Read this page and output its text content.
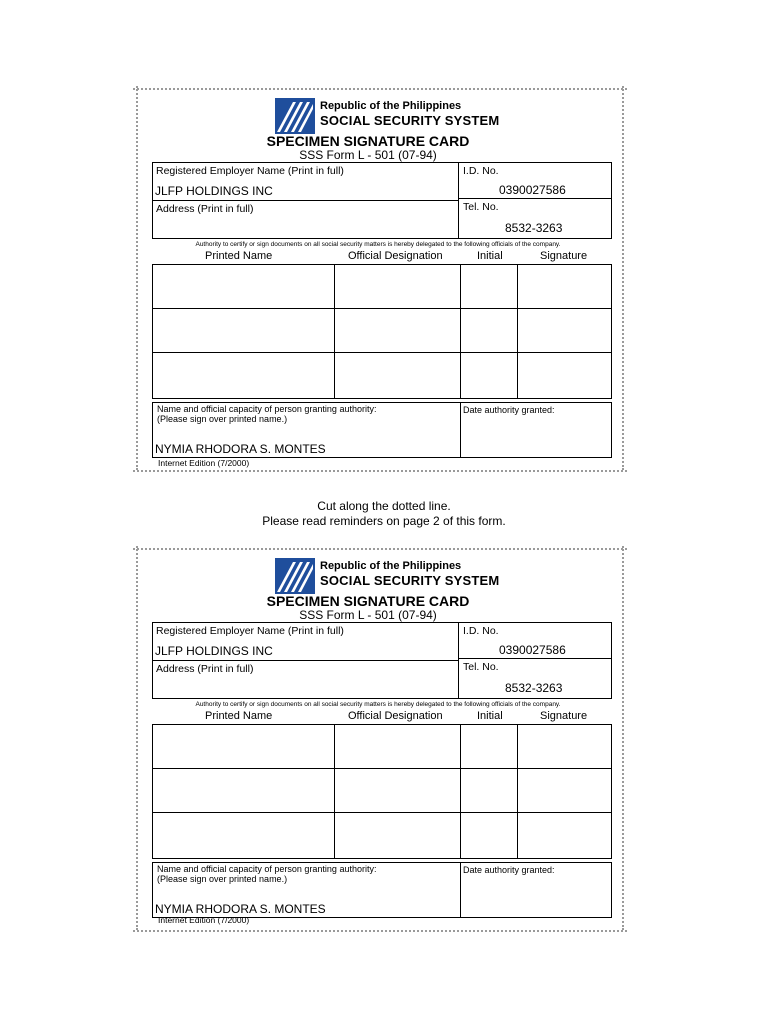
Republic of the Philippines
SOCIAL SECURITY SYSTEM
SPECIMEN SIGNATURE CARD
SSS Form L - 501 (07-94)
Registered Employer Name (Print in full)
JLFP HOLDINGS INC
Address (Print in full)
I.D. No.
0390027586
Tel. No.
8532-3263
Authority to certify or sign documents on all social security matters is hereby delegated to the following officials of the company.
Printed Name	Official Designation	Initial	Signature
Name and official capacity of person granting authority:
(Please sign over printed name.)
NYMIA RHODORA S. MONTES
Date authority granted:
Internet Edition (7/2000)
Cut along the dotted line.
Please read reminders on page 2 of this form.
Republic of the Philippines
SOCIAL SECURITY SYSTEM
SPECIMEN SIGNATURE CARD
SSS Form L - 501 (07-94)
Registered Employer Name (Print in full)
JLFP HOLDINGS INC
Address (Print in full)
I.D. No.
0390027586
Tel. No.
8532-3263
Authority to certify or sign documents on all social security matters is hereby delegated to the following officials of the company.
Printed Name	Official Designation	Initial	Signature
Name and official capacity of person granting authority:
(Please sign over printed name.)
NYMIA RHODORA S. MONTES
Date authority granted:
Internet Edition (7/2000)
